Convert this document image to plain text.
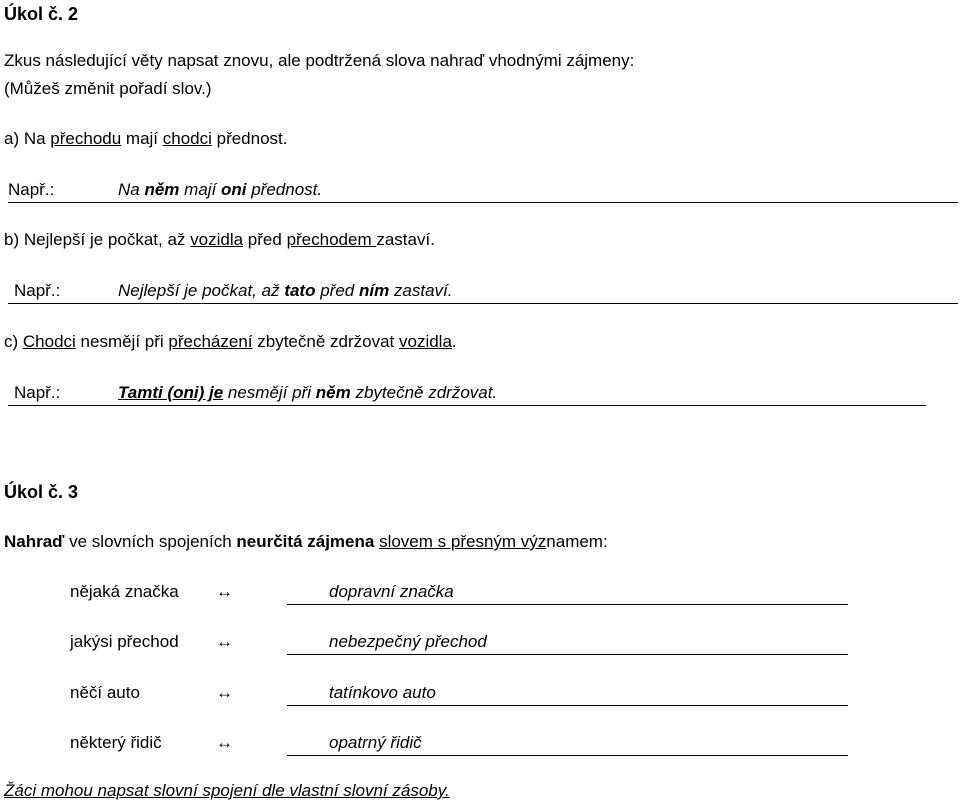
Úkol č. 2
Zkus následující věty napsat znovu, ale podtržená slova nahraď vhodnými zájmeny:
(Můžeš změnit pořadí slov.)
a) Na přechodu mají chodci přednost.
Např.:	Na něm mají oni přednost.
b) Nejlepší je počkat, až vozidla před přechodem zastaví.
Např.:	Nejlepší je počkat, až tato před ním zastaví.
c) Chodci nesmějí při přecházení zbytečně zdržovat vozidla.
Např.:	Tamti (oni) je nesmějí při něm zbytečně zdržovat.
Úkol č. 3
Nahraď ve slovních spojeních neurčitá zájmena slovem s přesným významem:
nějaká značka ↔	dopravní značka
jakýsi přechod ↔	nebezpečný přechod
něčí auto	↔	tatínkovo auto
některý řidič	↔	opatrný řidič
Žáci mohou napsat slovní spojení dle vlastní slovní zásoby.
